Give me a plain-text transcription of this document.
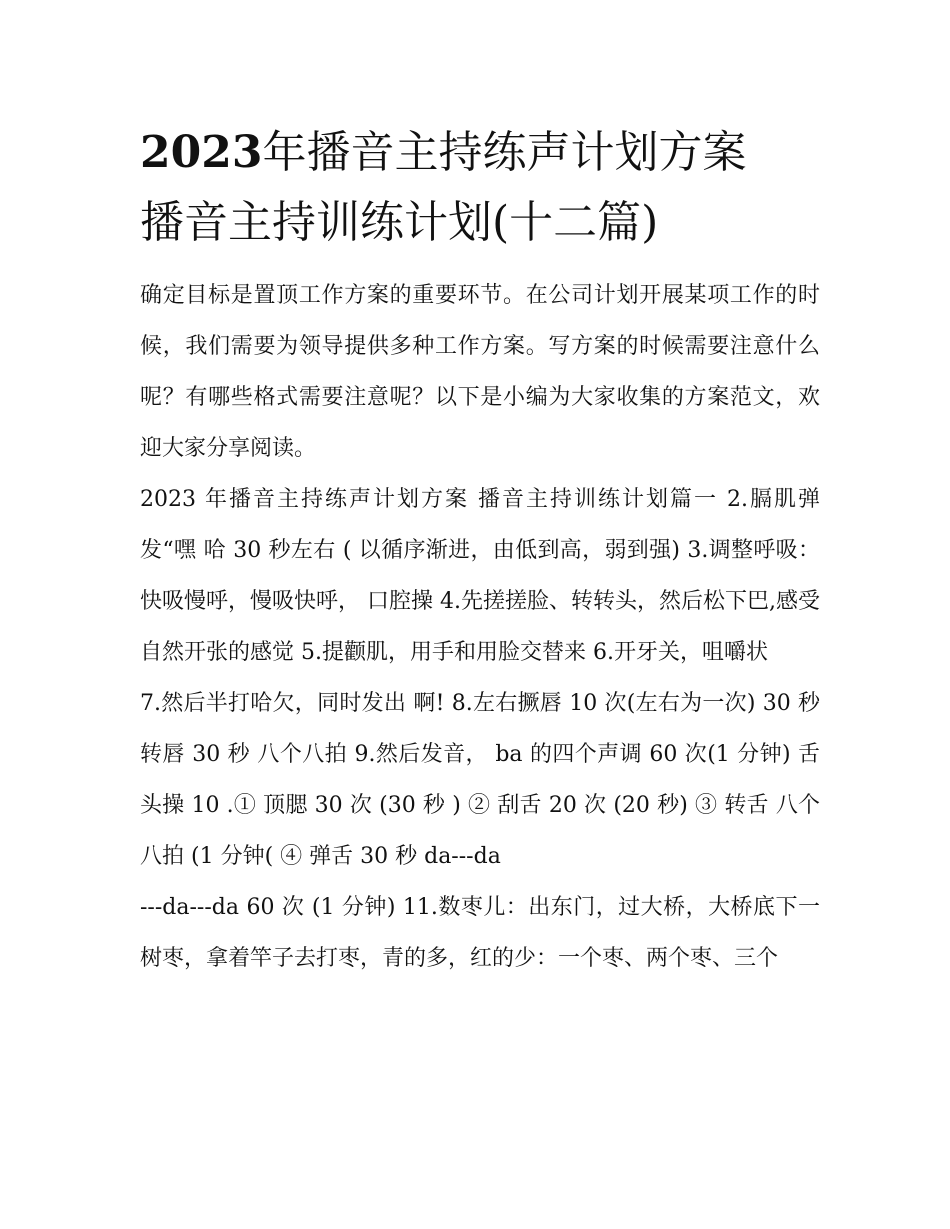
2023年播音主持练声计划方案
播音主持训练计划(十二篇)

确定目标是置顶工作方案的重要环节。在公司计划开展某项工作的时候，我们需要为领导提供多种工作方案。写方案的时候需要注意什么呢？有哪些格式需要注意呢？以下是小编为大家收集的方案范文，欢迎大家分享阅读。

2023 年播音主持练声计划方案 播音主持训练计划篇一 2.膈肌弹发“嘿 哈 30 秒左右 ( 以循序渐进，由低到高，弱到强) 3.调整呼吸：快吸慢呼，慢吸快呼， 口腔操 4.先搓搓脸、转转头，然后松下巴,感受自然开张的感觉 5.提颧肌，用手和用脸交替来 6.开牙关，咀嚼状

7.然后半打哈欠，同时发出 啊! 8.左右撅唇 10 次(左右为一次) 30 秒 转唇 30 秒 八个八拍 9.然后发音， ba 的四个声调 60 次(1 分钟) 舌头操 10 .① 顶腮 30 次 (30 秒 ) ② 刮舌 20 次 (20 秒) ③ 转舌 八个八拍 (1 分钟( ④ 弹舌 30 秒 da---da

---da---da 60 次 (1 分钟) 11.数枣儿：出东门，过大桥，大桥底下一树枣，拿着竿子去打枣，青的多，红的少：一个枣、两个枣、三个
